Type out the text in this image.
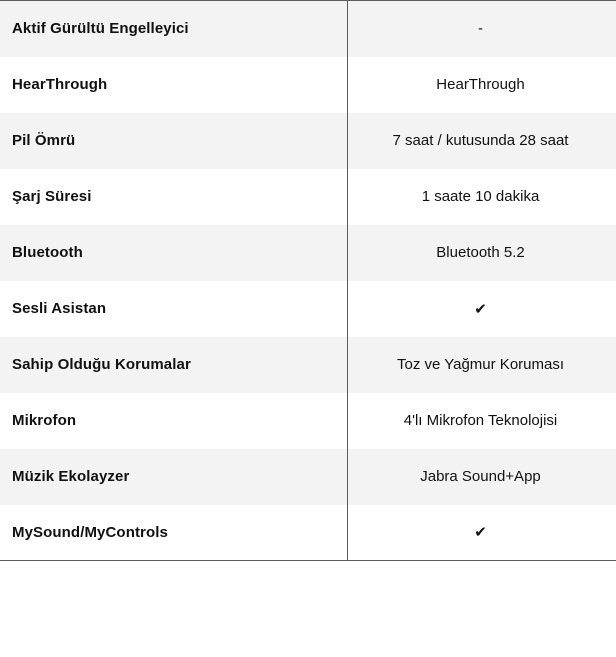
Aktif Gürültü Engelleyici	-
HearThrough	HearThrough
Pil Ömrü	7 saat / kutusunda 28 saat
Şarj Süresi	1 saate 10 dakika
Bluetooth	Bluetooth 5.2
Sesli Asistan	✔
Sahip Olduğu Korumalar	Toz ve Yağmur Koruması
Mikrofon	4'lı Mikrofon Teknolojisi
Müzik Ekolayzer	Jabra Sound+App
MySound/MyControls	✔
